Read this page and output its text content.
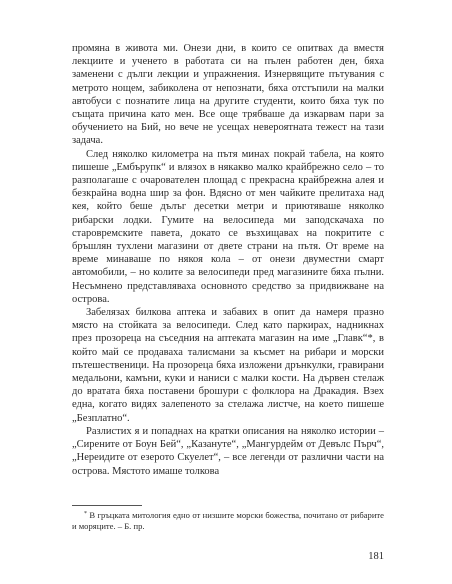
промяна в живота ми. Онези дни, в които се опитвах да вместя лекциите и ученето в работата си на пълен работен ден, бяха заменени с дълги лекции и упражнения. Изнервящите пътувания с метрото нощем, забиколена от непознати, бяха отстъпили на малки автобуси с познатите лица на другите студенти, които бяха тук по същата причина като мен. Все още трябваше да изкарвам пари за обучението на Бий, но вече не усещах невероятната тежест на тази задача.

След няколко километра на пътя минах покрай табела, на която пишеше „Ембърупк“ и влязох в някакво малко крайбрежно село – то разполагаше с очарователен площад с прекрасна крайбрежна алея и безкрайна водна шир за фон. Вдясно от мен чайките прелитаха над кея, който беше дълъг десетки метри и приютяваше няколко рибарски лодки. Гумите на велосипеда ми заподскачаха по старовремските павета, докато се възхищавах на покритите с бръшлян тухлени магазини от двете страни на пътя. От време на време минаваше по някоя кола – от онези двуместни смарт автомобили, – но колите за велосипеди пред магазините бяха пълни. Несъмнено представляваха основното средство за придвижване на острова.

Забелязах билкова аптека и забавих в опит да намеря празно място на стойката за велосипеди. След като паркирах, надникнах през прозореца на съседния на аптеката магазин на име „Главк“*, в който май се продаваха талисмани за късмет на рибари и морски пътешественици. На прозореца бяха изложени дрънкулки, гравирани медальони, камъни, куки и наниси с малки кости. На дървен стелаж до вратата бяха поставени брошури с фолклора на Дракадия. Взех една, когато видях залепеното за стелажа листче, на което пишеше „Безплатно“.

Разлистих я и попаднах на кратки описания на няколко истории – „Сирените от Боун Бей“, „Казануте“, „Мангурдейм от Девълс Пърч“, „Нереидите от езерото Скуелет“, – все легенди от различни части на острова. Мястото имаше толкова

* В гръцката митология едно от низшите морски божества, почитано от рибарите и моряците. – Б. пр.

181
